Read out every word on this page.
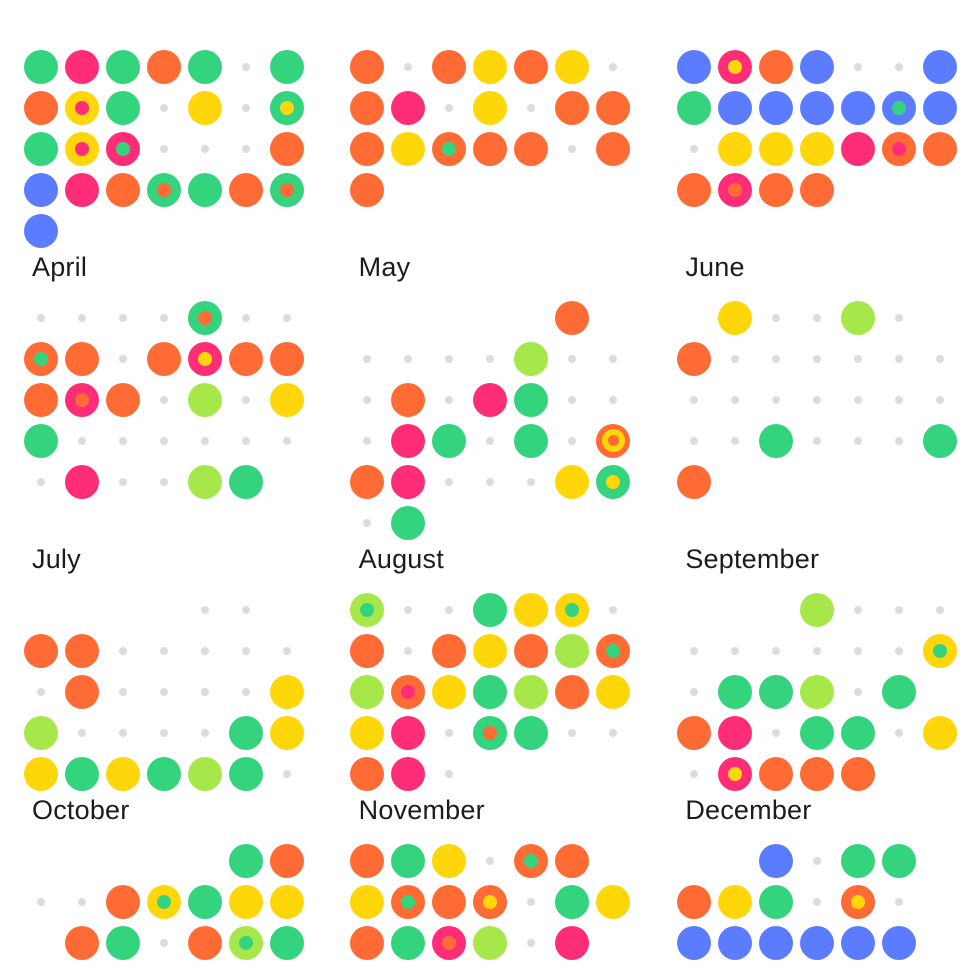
April	May	June
July	August	September
October	November	December
